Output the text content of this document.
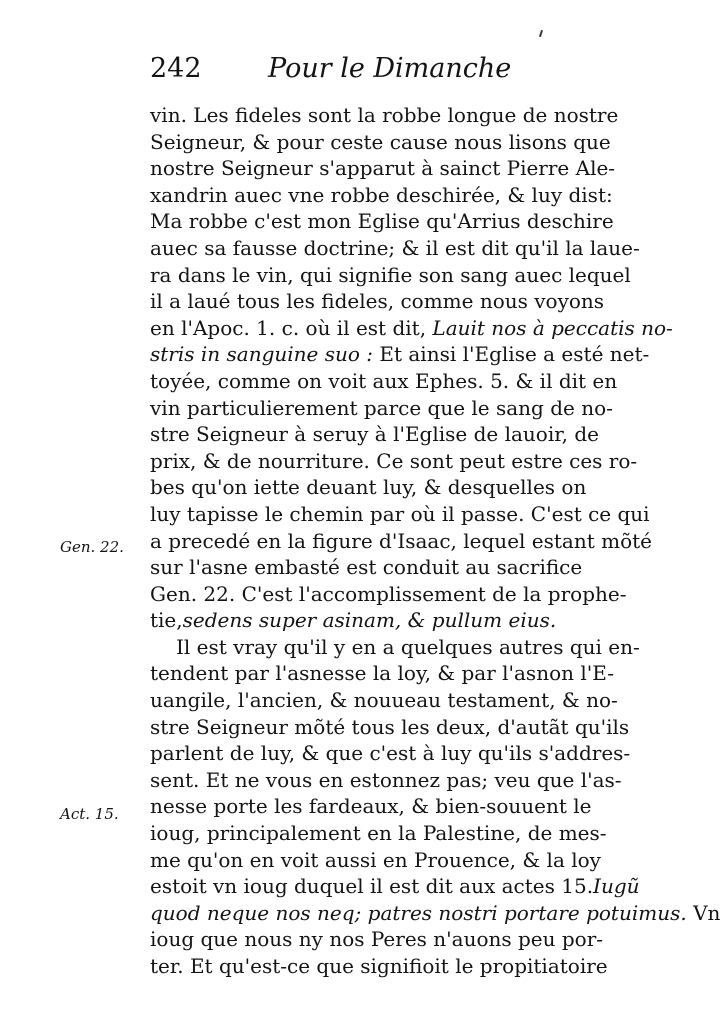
242 Pour le Dimanche
Gen. 22.
Act. 15.
vin. Les fideles sont la robbe longue de nostre
Seigneur, & pour ceste cause nous lisons que
nostre Seigneur s'apparut à sainct Pierre Ale-
xandrin auec vne robbe deschirée, & luy dist:
Ma robbe c'est mon Eglise qu'Arrius deschire
auec sa fausse doctrine; & il est dit qu'il la laue-
ra dans le vin, qui signifie son sang auec lequel
il a laué tous les fideles, comme nous voyons
en l'Apoc. 1. c. où il est dit, Lauit nos à peccatis no-
stris in sanguine suo : Et ainsi l'Eglise a esté net-
toyée, comme on voit aux Ephes. 5. & il dit en
vin particulierement parce que le sang de no-
stre Seigneur à seruy à l'Eglise de lauoir, de
prix, & de nourriture. Ce sont peut estre ces ro-
bes qu'on iette deuant luy, & desquelles on
luy tapisse le chemin par où il passe. C'est ce qui
a precedé en la figure d'Isaac, lequel estant mõté
sur l'asne embasté est conduit au sacrifice
Gen. 22. C'est l'accomplissement de la prophe-
tie,sedens super asinam, & pullum eius.
Il est vray qu'il y en a quelques autres qui en-
tendent par l'asnesse la loy, & par l'asnon l'E-
uangile, l'ancien, & nouueau testament, & no-
stre Seigneur mõté tous les deux, d'autãt qu'ils
parlent de luy, & que c'est à luy qu'ils s'addres-
sent. Et ne vous en estonnez pas; veu que l'as-
nesse porte les fardeaux, & bien-souuent le
ioug, principalement en la Palestine, de mes-
me qu'on en voit aussi en Prouence, & la loy
estoit vn ioug duquel il est dit aux actes 15.Iugũ
quod neque nos neq; patres nostri portare potuimus. Vn
ioug que nous ny nos Peres n'auons peu por-
ter. Et qu'est-ce que signifioit le propitiatoire
